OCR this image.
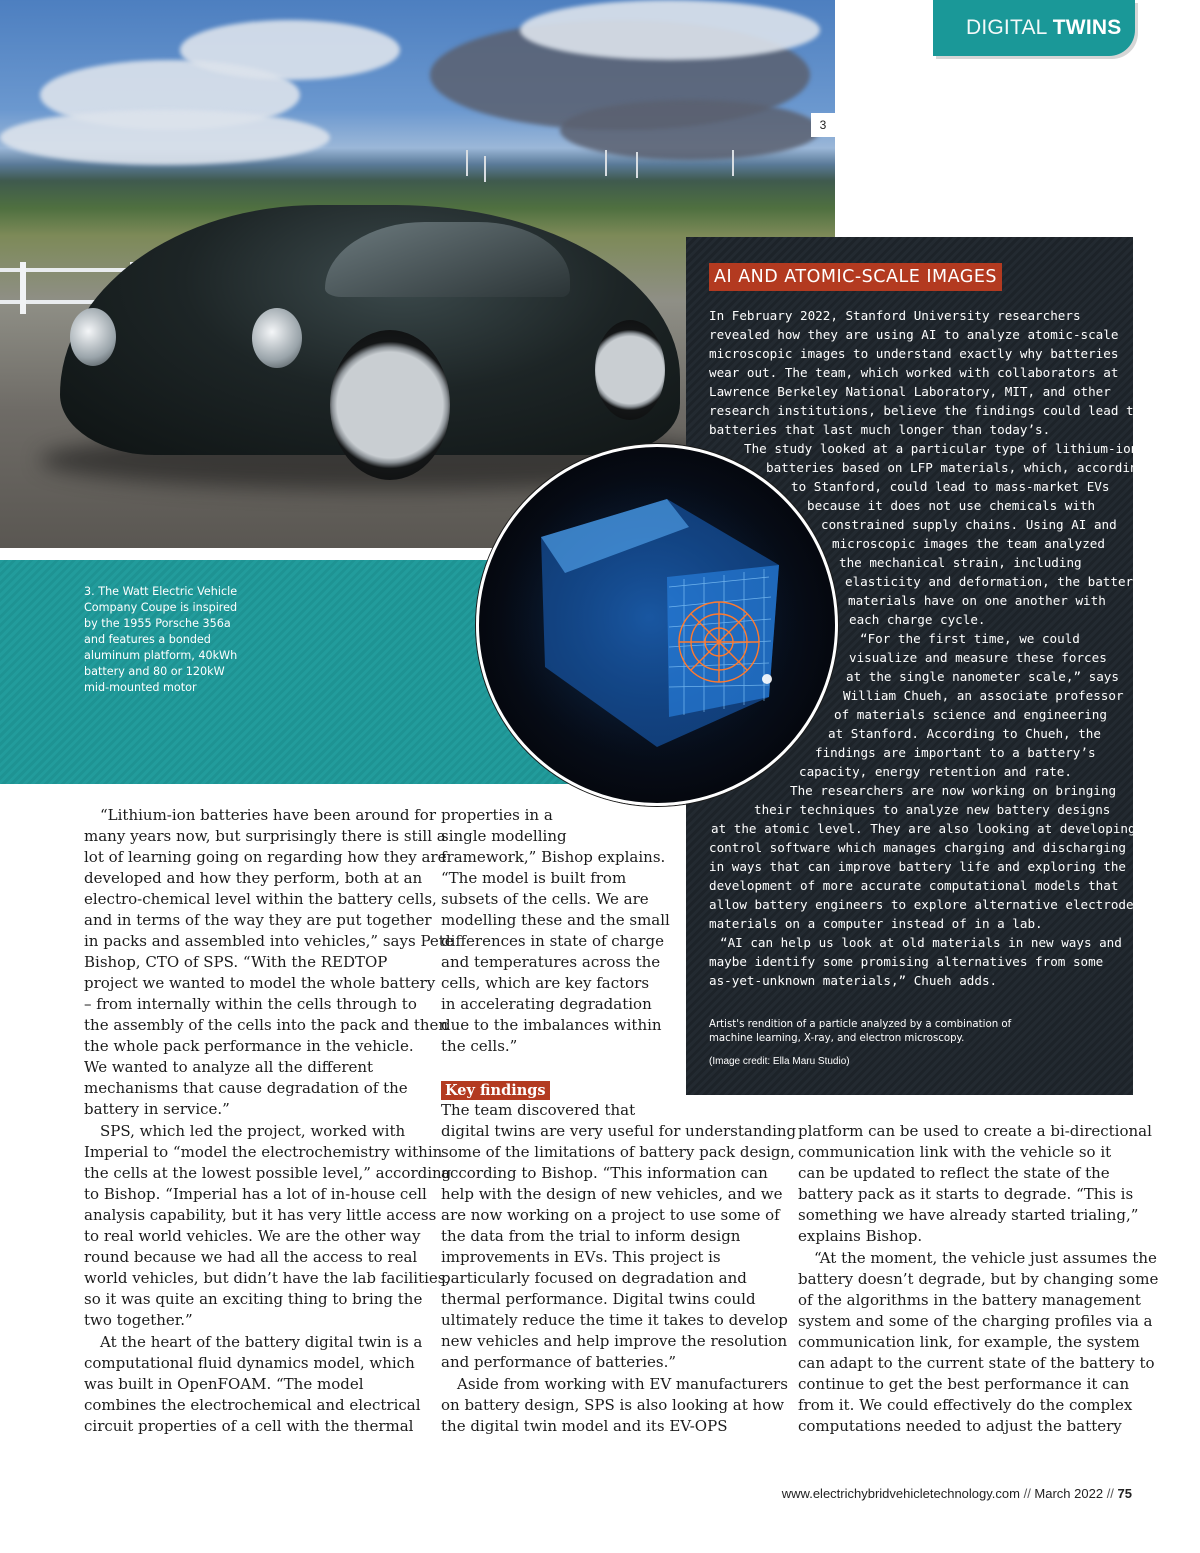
3
DIGITAL TWINS
3. The Watt Electric Vehicle
Company Coupe is inspired
by the 1955 Porsche 356a
and features a bonded
aluminum platform, 40kWh
battery and 80 or 120kW
mid-mounted motor
AI AND ATOMIC-SCALE IMAGES
In February 2022, Stanford University researchers
revealed how they are using AI to analyze atomic-scale
microscopic images to understand exactly why batteries
wear out. The team, which worked with collaborators at
Lawrence Berkeley National Laboratory, MIT, and other
research institutions, believe the findings could lead to
batteries that last much longer than today’s.
The study looked at a particular type of lithium-ion
batteries based on LFP materials, which, according
to Stanford, could lead to mass-market EVs
because it does not use chemicals with
constrained supply chains. Using AI and
microscopic images the team analyzed
the mechanical strain, including
elasticity and deformation, the battery
materials have on one another with
each charge cycle.
“For the first time, we could
visualize and measure these forces
at the single nanometer scale,” says
William Chueh, an associate professor
of materials science and engineering
at Stanford. According to Chueh, the
findings are important to a battery’s
capacity, energy retention and rate.
The researchers are now working on bringing
their techniques to analyze new battery designs
at the atomic level. They are also looking at developing
control software which manages charging and discharging
in ways that can improve battery life and exploring the
development of more accurate computational models that
allow battery engineers to explore alternative electrode
materials on a computer instead of in a lab.
“AI can help us look at old materials in new ways and
maybe identify some promising alternatives from some
as-yet-unknown materials,” Chueh adds.
Artist's rendition of a particle analyzed by a combination of
machine learning, X-ray, and electron microscopy.
(Image credit: Ella Maru Studio)
“Lithium-ion batteries have been around for
many years now, but surprisingly there is still a
lot of learning going on regarding how they are
developed and how they perform, both at an
electro-chemical level within the battery cells,
and in terms of the way they are put together
in packs and assembled into vehicles,” says Pete
Bishop, CTO of SPS. “With the REDTOP
project we wanted to model the whole battery
– from internally within the cells through to
the assembly of the cells into the pack and then
the whole pack performance in the vehicle.
We wanted to analyze all the different
mechanisms that cause degradation of the
battery in service.”
SPS, which led the project, worked with
Imperial to “model the electrochemistry within
the cells at the lowest possible level,” according
to Bishop. “Imperial has a lot of in-house cell
analysis capability, but it has very little access
to real world vehicles. We are the other way
round because we had all the access to real
world vehicles, but didn’t have the lab facilities,
so it was quite an exciting thing to bring the
two together.”
At the heart of the battery digital twin is a
computational fluid dynamics model, which
was built in OpenFOAM. “The model
combines the electrochemical and electrical
circuit properties of a cell with the thermal
properties in a
single modelling
framework,” Bishop explains.
“The model is built from
subsets of the cells. We are
modelling these and the small
differences in state of charge
and temperatures across the
cells, which are key factors
in accelerating degradation
due to the imbalances within
the cells.”
Key findings
The team discovered that
digital twins are very useful for understanding
some of the limitations of battery pack design,
according to Bishop. “This information can
help with the design of new vehicles, and we
are now working on a project to use some of
the data from the trial to inform design
improvements in EVs. This project is
particularly focused on degradation and
thermal performance. Digital twins could
ultimately reduce the time it takes to develop
new vehicles and help improve the resolution
and performance of batteries.”
Aside from working with EV manufacturers
on battery design, SPS is also looking at how
the digital twin model and its EV-OPS
platform can be used to create a bi-directional
communication link with the vehicle so it
can be updated to reflect the state of the
battery pack as it starts to degrade. “This is
something we have already started trialing,”
explains Bishop.
“At the moment, the vehicle just assumes the
battery doesn’t degrade, but by changing some
of the algorithms in the battery management
system and some of the charging profiles via a
communication link, for example, the system
can adapt to the current state of the battery to
continue to get the best performance it can
from it. We could effectively do the complex
computations needed to adjust the battery
www.electrichybridvehicletechnology.com // March 2022 // 75
